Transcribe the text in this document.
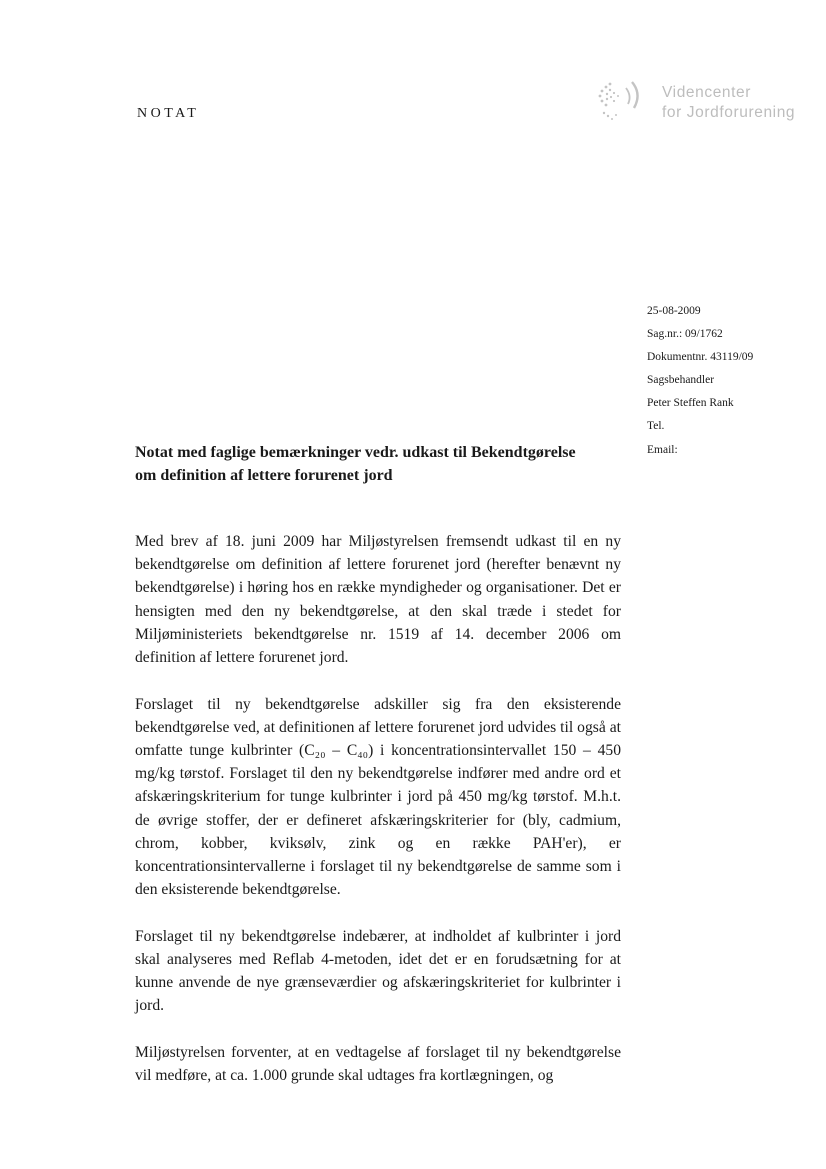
NOTAT
Videncenter
for Jordforurening
25-08-2009
Sag.nr.: 09/1762
Dokumentnr. 43119/09
Sagsbehandler
Peter Steffen Rank
Tel.
Email:
Notat med faglige bemærkninger vedr. udkast til Bekendtgørelse
om definition af lettere forurenet jord

Med brev af 18. juni 2009 har Miljøstyrelsen fremsendt udkast til en ny bekendtgørelse om definition af lettere forurenet jord (herefter benævnt ny bekendtgørelse) i høring hos en række myndigheder og organisationer. Det er hensigten med den ny bekendtgørelse, at den skal træde i stedet for Miljøministeriets bekendtgørelse nr. 1519 af 14. december 2006 om definition af lettere forurenet jord.

Forslaget til ny bekendtgørelse adskiller sig fra den eksisterende bekendtgørelse ved, at definitionen af lettere forurenet jord udvides til også at omfatte tunge kulbrinter (C₂₀ – C₄₀) i koncentrationsintervallet 150 – 450 mg/kg tørstof. Forslaget til den ny bekendtgørelse indfører med andre ord et afskæringskriterium for tunge kulbrinter i jord på 450 mg/kg tørstof. M.h.t. de øvrige stoffer, der er defineret afskæringskriterier for (bly, cadmium, chrom, kobber, kviksølv, zink og en række PAH'er), er koncentrationsintervallerne i forslaget til ny bekendtgørelse de samme som i den eksisterende bekendtgørelse.

Forslaget til ny bekendtgørelse indebærer, at indholdet af kulbrinter i jord skal analyseres med Reflab 4-metoden, idet det er en forudsætning for at kunne anvende de nye grænseværdier og afskæringskriteriet for kulbrinter i jord.

Miljøstyrelsen forventer, at en vedtagelse af forslaget til ny bekendtgørelse vil medføre, at ca. 1.000 grunde skal udtages fra kortlægningen, og
